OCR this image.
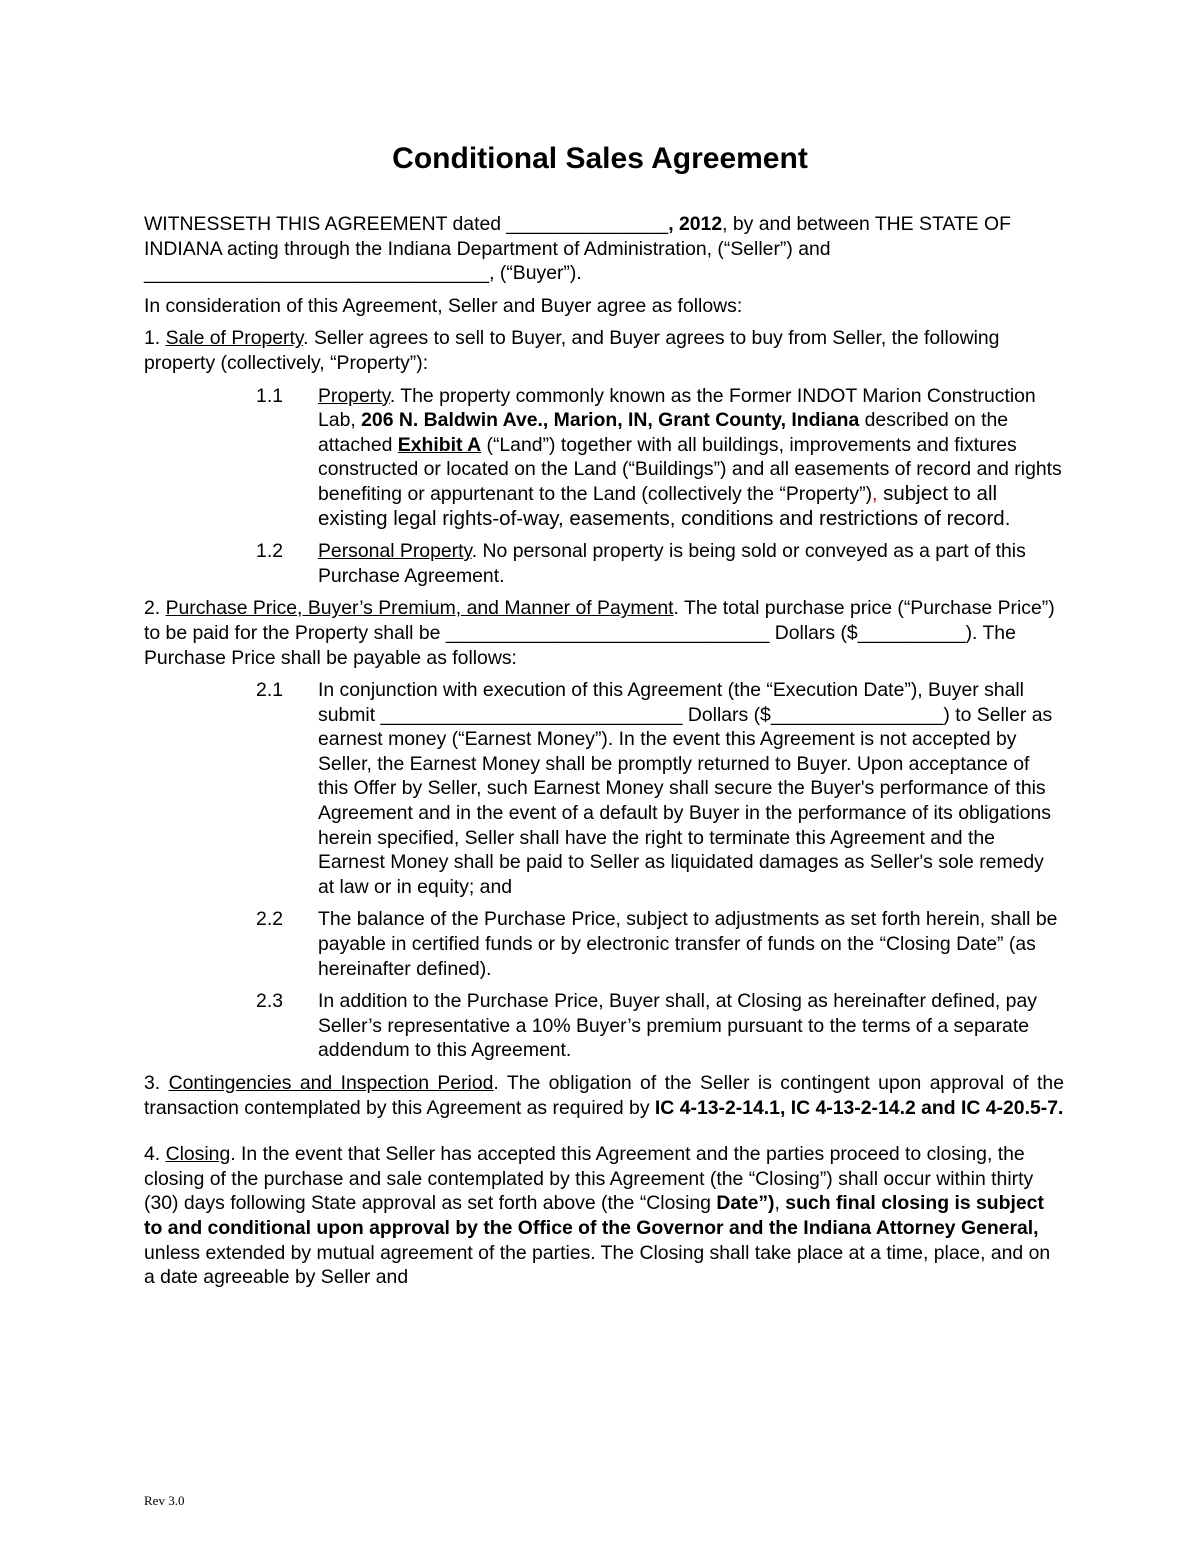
Conditional Sales Agreement

WITNESSETH THIS AGREEMENT dated _______________, 2012, by and between THE STATE OF INDIANA acting through the Indiana Department of Administration, (“Seller”) and ________________________________, (“Buyer”).

In consideration of this Agreement, Seller and Buyer agree as follows:

1. Sale of Property. Seller agrees to sell to Buyer, and Buyer agrees to buy from Seller, the following property (collectively, “Property”):

1.1	Property. The property commonly known as the Former INDOT Marion Construction Lab, 206 N. Baldwin Ave., Marion, IN, Grant County, Indiana described on the attached Exhibit A (“Land”) together with all buildings, improvements and fixtures constructed or located on the Land (“Buildings”) and all easements of record and rights benefiting or appurtenant to the Land (collectively the “Property”), subject to all existing legal rights-of-way, easements, conditions and restrictions of record.
1.2	Personal Property. No personal property is being sold or conveyed as a part of this Purchase Agreement.

2. Purchase Price, Buyer’s Premium, and Manner of Payment. The total purchase price (“Purchase Price”) to be paid for the Property shall be ______________________________ Dollars ($__________). The Purchase Price shall be payable as follows:

2.1	In conjunction with execution of this Agreement (the “Execution Date”), Buyer shall submit ____________________________ Dollars ($________________) to Seller as earnest money (“Earnest Money”). In the event this Agreement is not accepted by Seller, the Earnest Money shall be promptly returned to Buyer. Upon acceptance of this Offer by Seller, such Earnest Money shall secure the Buyer's performance of this Agreement and in the event of a default by Buyer in the performance of its obligations herein specified, Seller shall have the right to terminate this Agreement and the Earnest Money shall be paid to Seller as liquidated damages as Seller's sole remedy at law or in equity; and
2.2	The balance of the Purchase Price, subject to adjustments as set forth herein, shall be payable in certified funds or by electronic transfer of funds on the “Closing Date” (as hereinafter defined).
2.3	In addition to the Purchase Price, Buyer shall, at Closing as hereinafter defined, pay Seller’s representative a 10% Buyer’s premium pursuant to the terms of a separate addendum to this Agreement.

3. Contingencies and Inspection Period. The obligation of the Seller is contingent upon approval of the transaction contemplated by this Agreement as required by IC 4-13-2-14.1, IC 4-13-2-14.2 and IC 4-20.5-7.

4. Closing. In the event that Seller has accepted this Agreement and the parties proceed to closing, the closing of the purchase and sale contemplated by this Agreement (the “Closing”) shall occur within thirty (30) days following State approval as set forth above (the “Closing Date”), such final closing is subject to and conditional upon approval by the Office of the Governor and the Indiana Attorney General, unless extended by mutual agreement of the parties. The Closing shall take place at a time, place, and on a date agreeable by Seller and

Rev 3.0
